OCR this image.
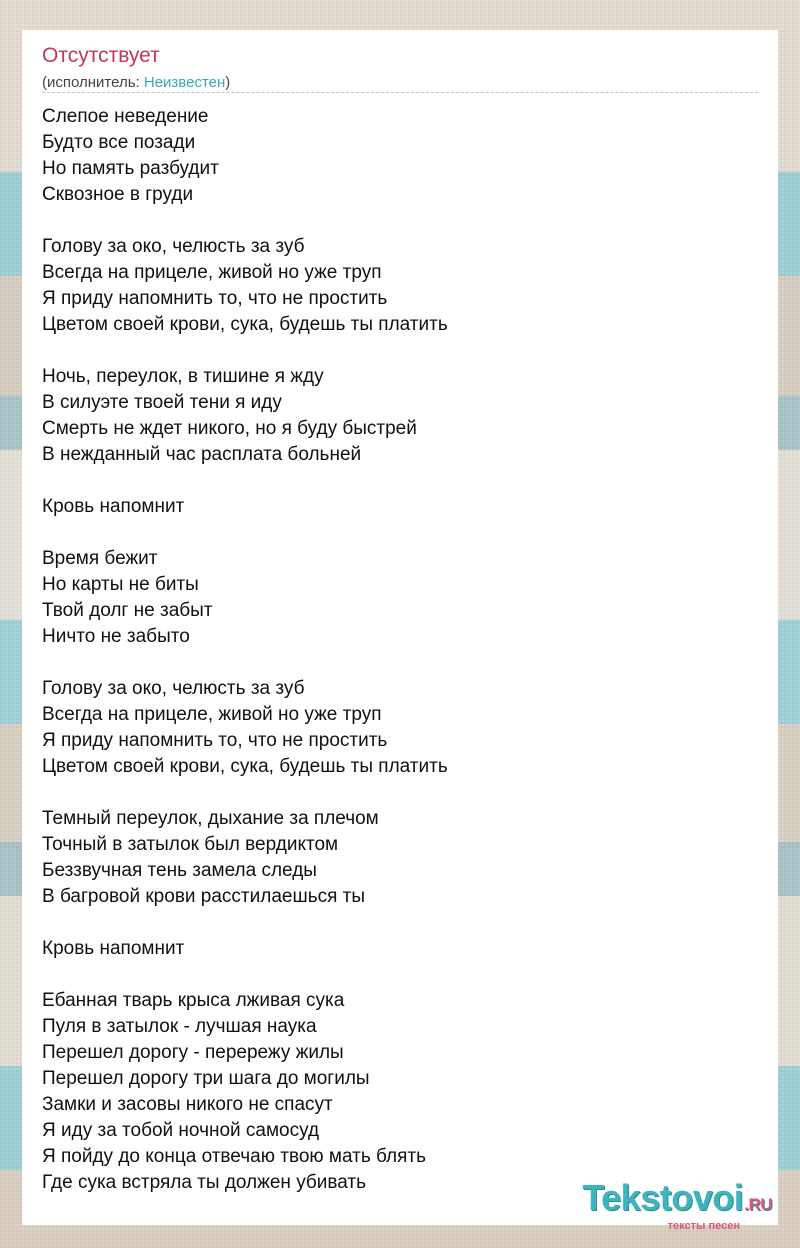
Отсутствует
(исполнитель: Неизвестен)
Слепое неведение
Будто все позади
Но память разбудит
Сквозное в груди
Голову за око, челюсть за зуб
Всегда на прицеле, живой но уже труп
Я приду напомнить то, что не простить
Цветом своей крови, сука, будешь ты платить
Ночь, переулок, в тишине я жду
В силуэте твоей тени я иду
Смерть не ждет никого, но я буду быстрей
В нежданный час расплата больней
Кровь напомнит
Время бежит
Но карты не биты
Твой долг не забыт
Ничто не забыто
Голову за око, челюсть за зуб
Всегда на прицеле, живой но уже труп
Я приду напомнить то, что не простить
Цветом своей крови, сука, будешь ты платить
Темный переулок, дыхание за плечом
Точный в затылок был вердиктом
Беззвучная тень замела следы
В багровой крови расстилаешься ты
Кровь напомнит
Ебанная тварь крыса лживая сука
Пуля в затылок - лучшая наука
Перешел дорогу - перережу жилы
Перешел дорогу три шага до могилы
Замки и засовы никого не спасут
Я иду за тобой ночной самосуд
Я пойду до конца отвечаю твою мать блять
Где сука встряла ты должен убивать	Tekstovoi.RU
тексты песен
